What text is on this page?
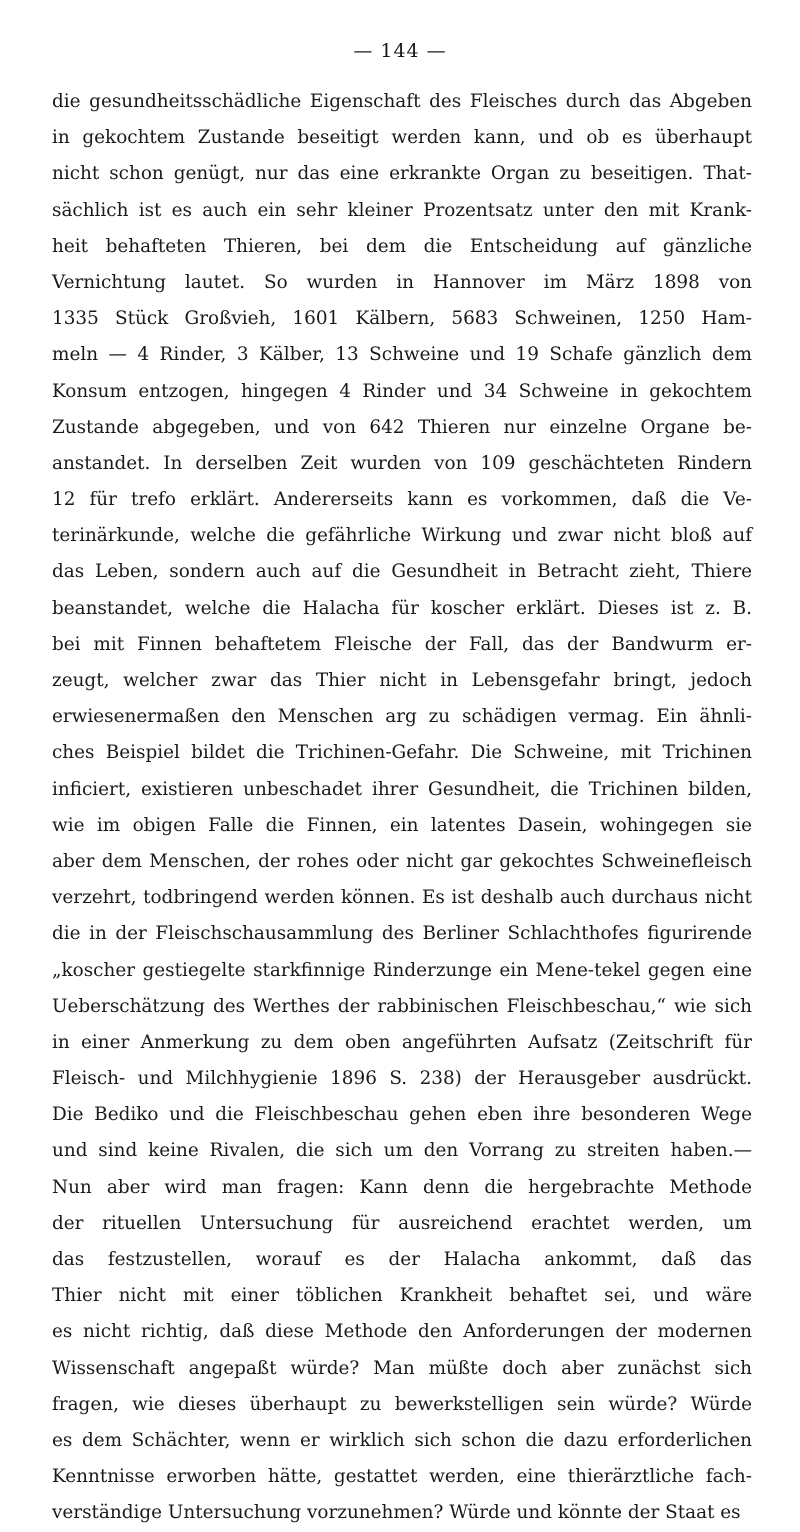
— 144 —
die gesundheitsschädliche Eigenschaft des Fleisches durch das Abgeben
in gekochtem Zustande beseitigt werden kann, und ob es überhaupt
nicht schon genügt, nur das eine erkrankte Organ zu beseitigen. That-
sächlich ist es auch ein sehr kleiner Prozentsatz unter den mit Krank-
heit behafteten Thieren, bei dem die Entscheidung auf gänzliche
Vernichtung lautet. So wurden in Hannover im März 1898 von
1335 Stück Großvieh, 1601 Kälbern, 5683 Schweinen, 1250 Ham-
meln — 4 Rinder, 3 Kälber, 13 Schweine und 19 Schafe gänzlich dem
Konsum entzogen, hingegen 4 Rinder und 34 Schweine in gekochtem
Zustande abgegeben, und von 642 Thieren nur einzelne Organe be-
anstandet. In derselben Zeit wurden von 109 geschächteten Rindern
12 für trefo erklärt. Andererseits kann es vorkommen, daß die Ve-
terinärkunde, welche die gefährliche Wirkung und zwar nicht bloß auf
das Leben, sondern auch auf die Gesundheit in Betracht zieht, Thiere
beanstandet, welche die Halacha für koscher erklärt. Dieses ist z. B.
bei mit Finnen behaftetem Fleische der Fall, das der Bandwurm er-
zeugt, welcher zwar das Thier nicht in Lebensgefahr bringt, jedoch
erwiesenermaßen den Menschen arg zu schädigen vermag. Ein ähnli-
ches Beispiel bildet die Trichinen-Gefahr. Die Schweine, mit Trichinen
inficiert, existieren unbeschadet ihrer Gesundheit, die Trichinen bilden,
wie im obigen Falle die Finnen, ein latentes Dasein, wohingegen sie
aber dem Menschen, der rohes oder nicht gar gekochtes Schweinefleisch
verzehrt, todbringend werden können. Es ist deshalb auch durchaus nicht
die in der Fleischschausammlung des Berliner Schlachthofes figurirende
„koscher gestiegelte starkfinnige Rinderzunge ein Mene-tekel gegen eine
Ueberschätzung des Werthes der rabbinischen Fleischbeschau,“ wie sich
in einer Anmerkung zu dem oben angeführten Aufsatz (Zeitschrift für
Fleisch- und Milchhygienie 1896 S. 238) der Herausgeber ausdrückt.
Die Bediko und die Fleischbeschau gehen eben ihre besonderen Wege
und sind keine Rivalen, die sich um den Vorrang zu streiten haben.—
Nun aber wird man fragen: Kann denn die hergebrachte Methode
der rituellen Untersuchung für ausreichend erachtet werden, um
das festzustellen, worauf es der Halacha ankommt, daß das
Thier nicht mit einer töblichen Krankheit behaftet sei, und wäre
es nicht richtig, daß diese Methode den Anforderungen der modernen
Wissenschaft angepaßt würde? Man müßte doch aber zunächst sich
fragen, wie dieses überhaupt zu bewerkstelligen sein würde? Würde
es dem Schächter, wenn er wirklich sich schon die dazu erforderlichen
Kenntnisse erworben hätte, gestattet werden, eine thierärztliche fach-
verständige Untersuchung vorzunehmen? Würde und könnte der Staat es
